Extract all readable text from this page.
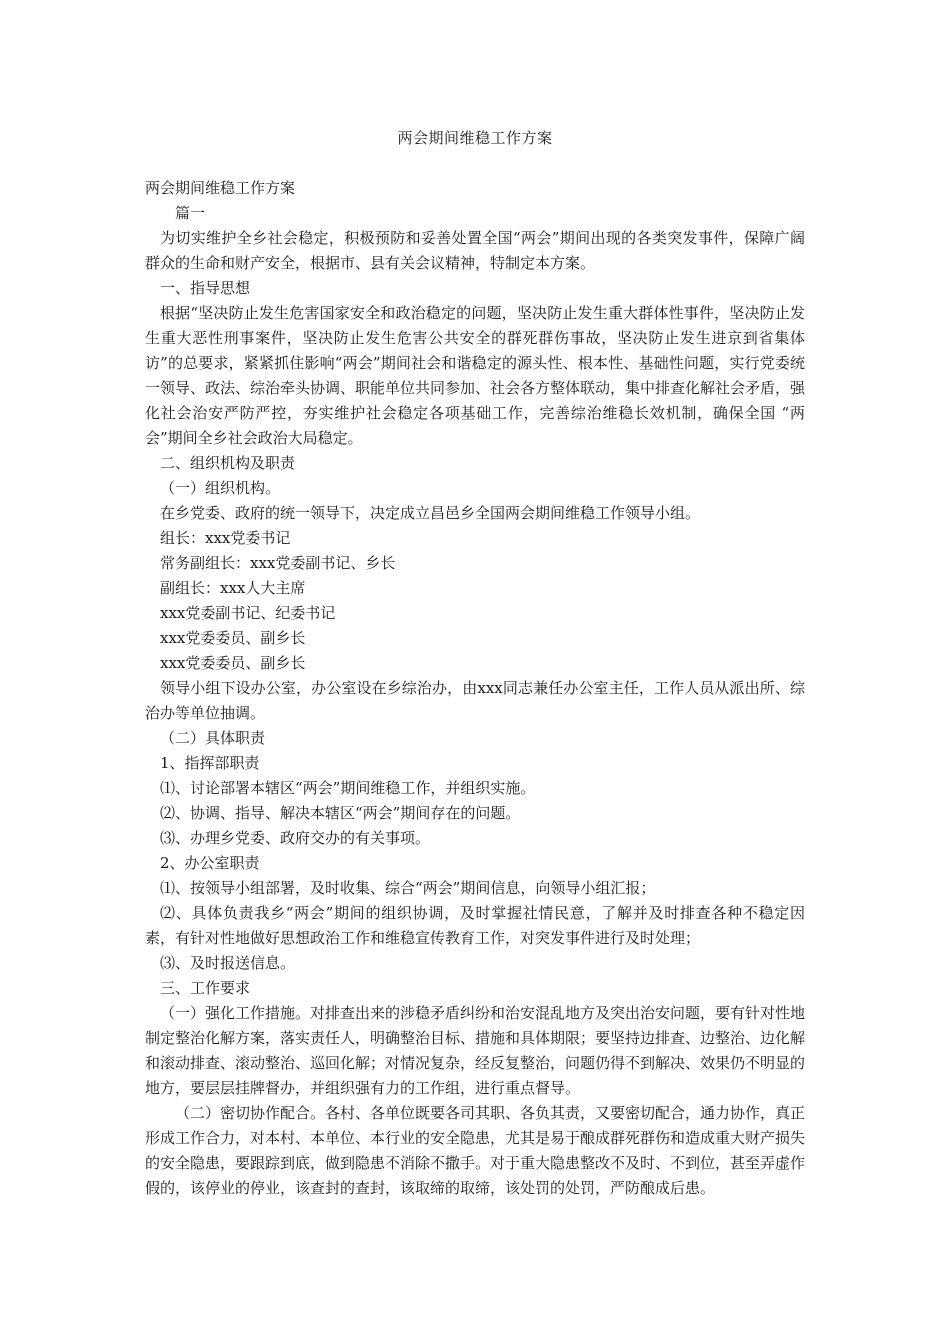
两会期间维稳工作方案

两会期间维稳工作方案

篇一

为切实维护全乡社会稳定，积极预防和妥善处置全国“两会”期间出现的各类突发事件，保障广阔群众的生命和财产安全，根据市、县有关会议精神，特制定本方案。

一、指导思想

根据“坚决防止发生危害国家安全和政治稳定的问题，坚决防止发生重大群体性事件，坚决防止发生重大恶性刑事案件，坚决防止发生危害公共安全的群死群伤事故，坚决防止发生进京到省集体访”的总要求，紧紧抓住影响“两会”期间社会和谐稳定的源头性、根本性、基础性问题，实行党委统一领导、政法、综治牵头协调、职能单位共同参加、社会各方整体联动，集中排查化解社会矛盾，强化社会治安严防严控，夯实维护社会稳定各项基础工作，完善综治维稳长效机制，确保全国 “两会”期间全乡社会政治大局稳定。

二、组织机构及职责

（一）组织机构。

在乡党委、政府的统一领导下，决定成立昌邑乡全国两会期间维稳工作领导小组。

组长：xxx党委书记

常务副组长：xxx党委副书记、乡长

副组长：xxx人大主席

xxx党委副书记、纪委书记

xxx党委委员、副乡长

xxx党委委员、副乡长

领导小组下设办公室，办公室设在乡综治办，由xxx同志兼任办公室主任，工作人员从派出所、综治办等单位抽调。

（二）具体职责

1、指挥部职责

⑴、讨论部署本辖区“两会”期间维稳工作，并组织实施。

⑵、协调、指导、解决本辖区“两会”期间存在的问题。

⑶、办理乡党委、政府交办的有关事项。

2、办公室职责

⑴、按领导小组部署，及时收集、综合“两会”期间信息，向领导小组汇报；

⑵、具体负责我乡“两会”期间的组织协调，及时掌握社情民意，了解并及时排查各种不稳定因素，有针对性地做好思想政治工作和维稳宣传教育工作，对突发事件进行及时处理；

⑶、及时报送信息。

三、工作要求

（一）强化工作措施。对排查出来的涉稳矛盾纠纷和治安混乱地方及突出治安问题，要有针对性地制定整治化解方案，落实责任人，明确整治目标、措施和具体期限；要坚持边排查、边整治、边化解和滚动排查、滚动整治、巡回化解；对情况复杂，经反复整治，问题仍得不到解决、效果仍不明显的地方，要层层挂牌督办，并组织强有力的工作组，进行重点督导。

（二）密切协作配合。各村、各单位既要各司其职、各负其责，又要密切配合，通力协作，真正形成工作合力，对本村、本单位、本行业的安全隐患，尤其是易于酿成群死群伤和造成重大财产损失的安全隐患，要跟踪到底，做到隐患不消除不撒手。对于重大隐患整改不及时、不到位，甚至弄虚作假的，该停业的停业，该查封的查封，该取缔的取缔，该处罚的处罚，严防酿成后患。
